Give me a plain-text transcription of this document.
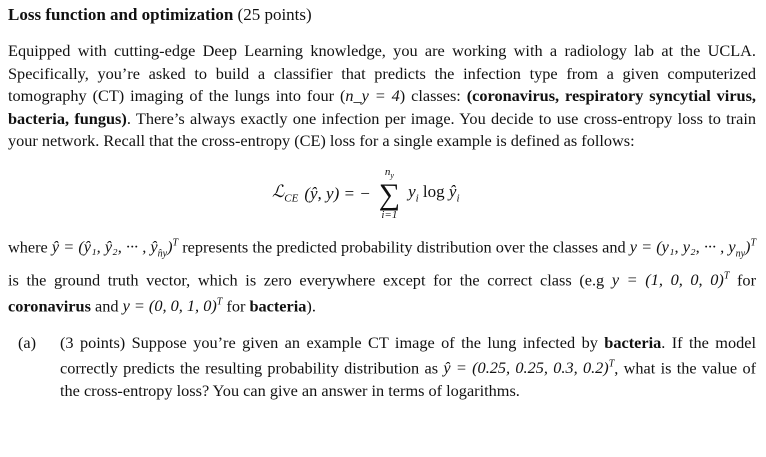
Loss function and optimization (25 points)

Equipped with cutting-edge Deep Learning knowledge, you are working with a radiology lab at the UCLA. Specifically, you’re asked to build a classifier that predicts the infection type from a given computerized tomography (CT) imaging of the lungs into four (n_y = 4) classes: (coronavirus, respiratory syncytial virus, bacteria, fungus). There’s always exactly one infection per image. You decide to use cross-entropy loss to train your network. Recall that the cross-entropy (CE) loss for a single example is defined as follows:

ℒ$_{CE}$ (ŷ, y) = −
$n_y$
∑
i=1
$y_i$ $\log ŷ_i$

where ŷ = (ŷ₁, ŷ₂, ··· , $ŷ_{n̂y})^T$ represents the predicted probability distribution over the classes and y = (y₁, y₂, ··· , $y_{ny})^T$ is the ground truth vector, which is zero everywhere except for the correct class (e.g y = (1, 0, 0, 0)$^T$ for coronavirus and y = (0, 0, 1, 0)$^T$ for bacteria).

(a)	(3 points) Suppose you’re given an example CT image of the lung infected by bacteria. If the model correctly predicts the resulting probability distribution as ŷ = (0.25, 0.25, 0.3, 0.2)$^T$, what is the value of the cross-entropy loss? You can give an answer in terms of logarithms.
